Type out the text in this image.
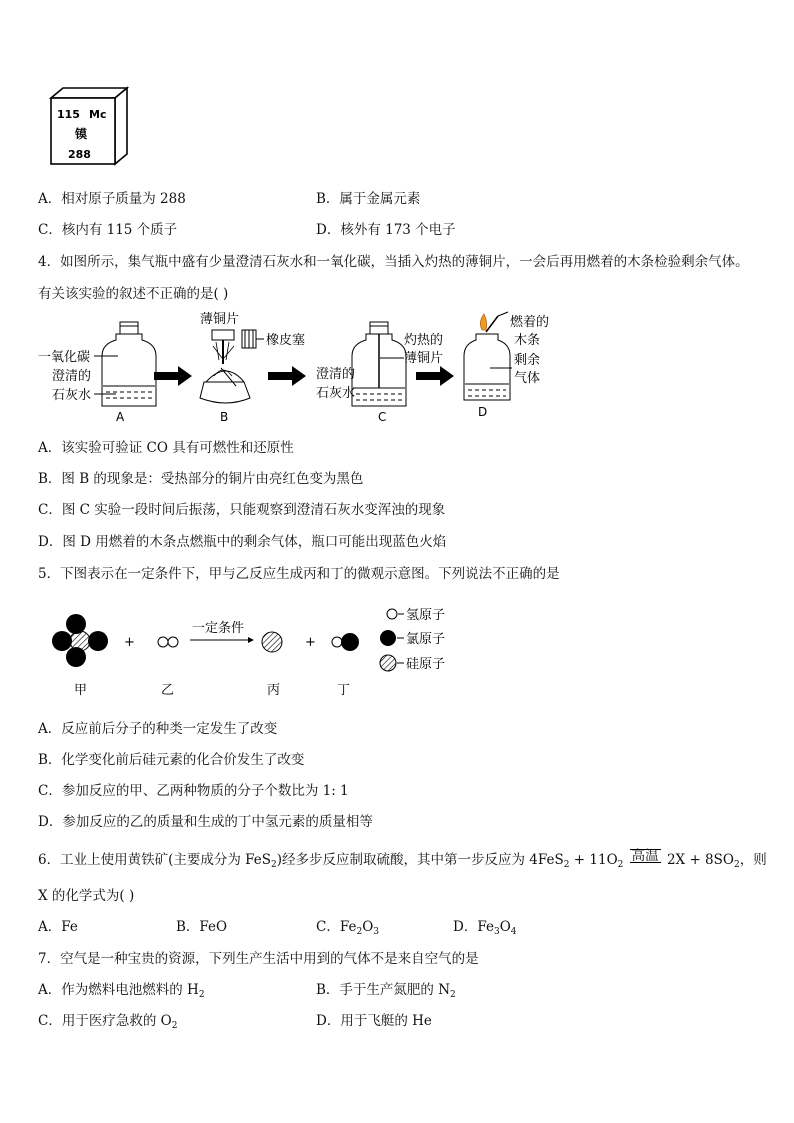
115 Mc
镆
288
A．相对原子质量为 288	B．属于金属元素
C．核内有 115 个质子	D．核外有 173 个电子
4．如图所示，集气瓶中盛有少量澄清石灰水和一氧化碳，当插入灼热的薄铜片，一会后再用燃着的木条检验剩余气体。
有关该实验的叙述不正确的是( )
一氧化碳
澄清的
石灰水
A
薄铜片
橡皮塞
B
澄清的
石灰水
灼热的
薄铜片
C
燃着的
木条
剩余
气体
D
A．该实验可验证 CO 具有可燃性和还原性
B．图 B 的现象是：受热部分的铜片由亮红色变为黑色
C．图 C 实验一段时间后振荡，只能观察到澄清石灰水变浑浊的现象
D．图 D 用燃着的木条点燃瓶中的剩余气体，瓶口可能出现蓝色火焰
5．下图表示在一定条件下，甲与乙反应生成丙和丁的微观示意图。下列说法不正确的是
+
一定条件
+
甲	乙	丙	丁
氢原子
氯原子
硅原子
A．反应前后分子的种类一定发生了改变
B．化学变化前后硅元素的化合价发生了改变
C．参加反应的甲、乙两种物质的分子个数比为 1: 1
D．参加反应的乙的质量和生成的丁中氢元素的质量相等
6．工业上使用黄铁矿(主要成分为 FeS$_2$)经多步反应制取硫酸，其中第一步反应为 $4FeS_2 + 11O_2$ 高温 $2X + 8SO_2$，则
X 的化学式为( )
A．Fe	B．FeO	C．$Fe_2O_3$	D．$Fe_3O_4$
7．空气是一种宝贵的资源，下列生产生活中用到的气体不是来自空气的是
A．作为燃料电池燃料的 $H_2$	B．手于生产氮肥的 $N_2$
C．用于医疗急救的 $O_2$	D．用于飞艇的 He
